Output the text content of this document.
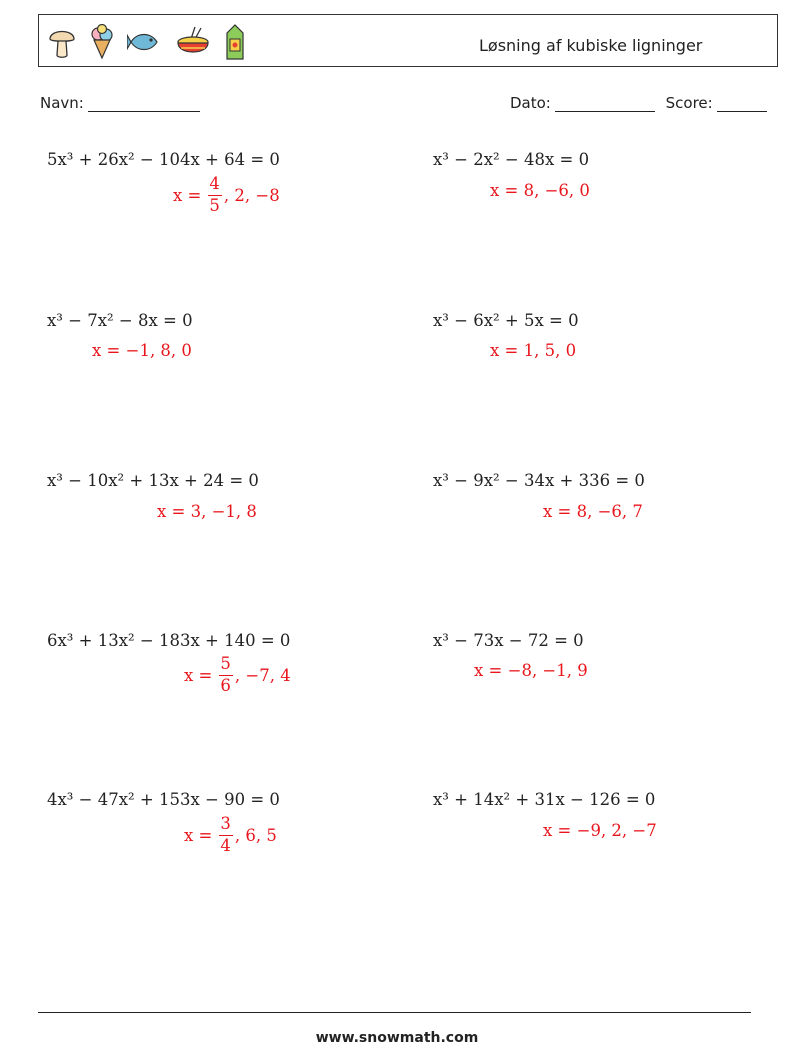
Løsning af kubiske ligninger
Navn:	Dato:	Score:
5x³ + 26x² − 104x + 64 = 0
$x = \frac{4}{5}$ , 2, −8
x³ − 2x² − 48x = 0
x = 8, −6, 0
x³ − 7x² − 8x = 0
x = −1, 8, 0
x³ − 6x² + 5x = 0
x = 1, 5, 0
x³ − 10x² + 13x + 24 = 0
x = 3, −1, 8
x³ − 9x² − 34x + 336 = 0
x = 8, −6, 7
6x³ + 13x² − 183x + 140 = 0
$x = \frac{5}{6}$ , −7, 4
x³ − 73x − 72 = 0
x = −8, −1, 9
4x³ − 47x² + 153x − 90 = 0
$x = \frac{3}{4}$ , 6, 5
x³ + 14x² + 31x − 126 = 0
x = −9, 2, −7
www.snowmath.com
